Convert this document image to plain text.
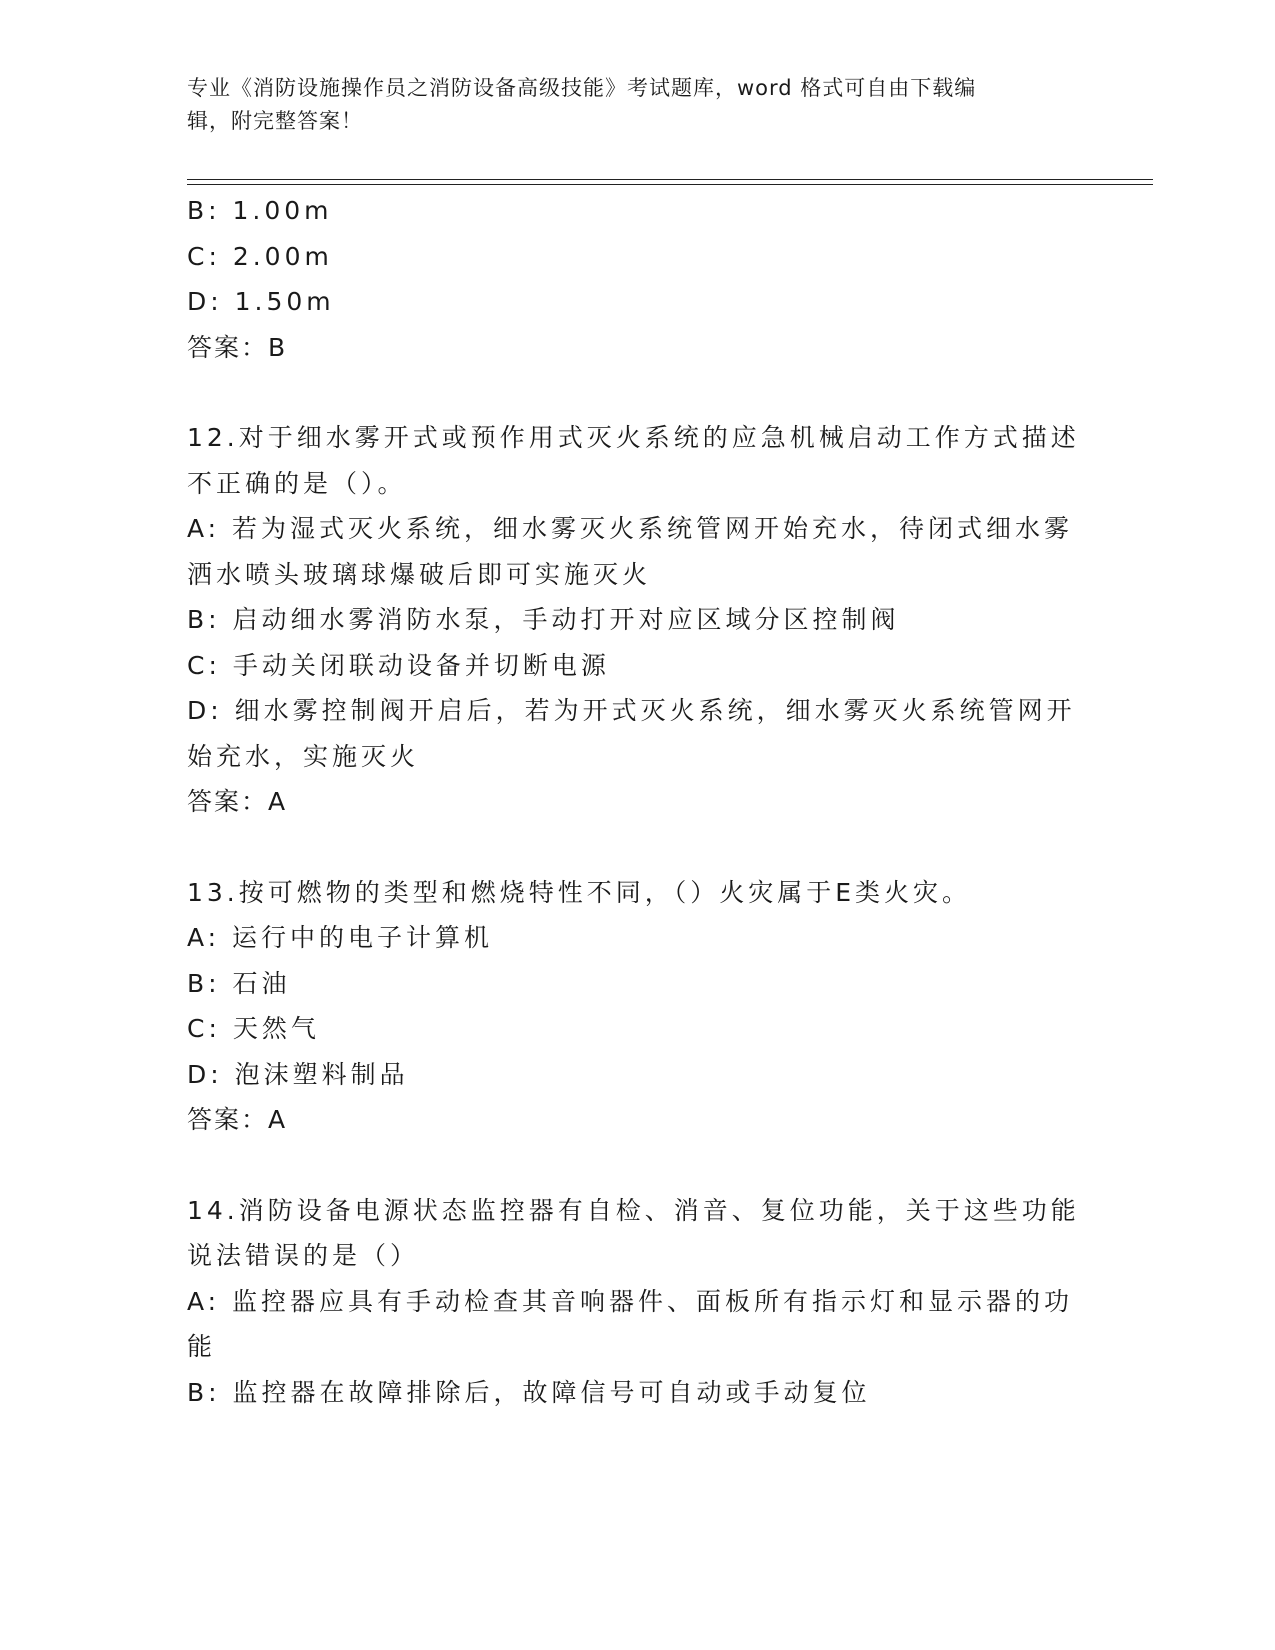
专业《消防设施操作员之消防设备高级技能》考试题库，word 格式可自由下载编
辑，附完整答案！
B: 1.00m
C: 2.00m
D: 1.50m
答案：B
12.对于细水雾开式或预作用式灭火系统的应急机械启动工作方式描述
不正确的是（）。
A: 若为湿式灭火系统，细水雾灭火系统管网开始充水，待闭式细水雾
洒水喷头玻璃球爆破后即可实施灭火
B: 启动细水雾消防水泵，手动打开对应区域分区控制阀
C: 手动关闭联动设备并切断电源
D: 细水雾控制阀开启后，若为开式灭火系统，细水雾灭火系统管网开
始充水，实施灭火
答案：A
13.按可燃物的类型和燃烧特性不同，（）火灾属于E类火灾。
A: 运行中的电子计算机
B: 石油
C: 天然气
D: 泡沫塑料制品
答案：A
14.消防设备电源状态监控器有自检、消音、复位功能，关于这些功能
说法错误的是（）
A: 监控器应具有手动检查其音响器件、面板所有指示灯和显示器的功
能
B: 监控器在故障排除后，故障信号可自动或手动复位
